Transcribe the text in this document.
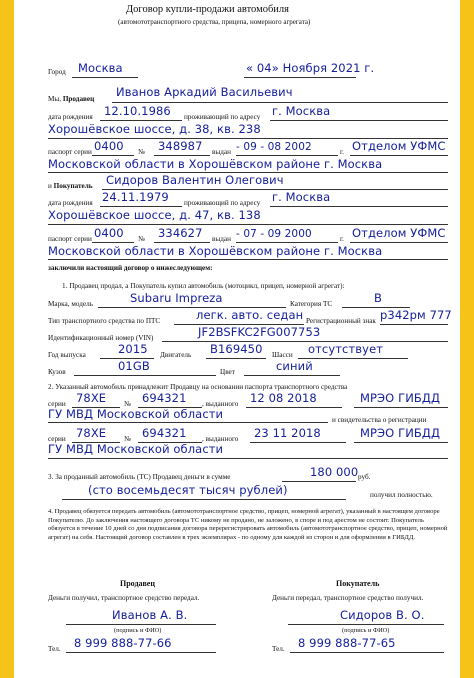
Договор купли-продажи автомобиля
(автомототранспортного средства, прицепа, номерного агрегата)
Город Москва	« 04» Ноября 2021 г.
Мы, Продавец Иванов Аркадий Васильевич
дата рождения 12.10.1986 проживающий по адресу г. Москва
Хорошёвское шоссе, д. 38, кв. 238
паспорт серии 0400 № 348987 выдан - 09 - 08 2002	г. Отделом УФМС
Московской области в Хорошёвском районе г. Москва
и Покупатель Сидоров Валентин Олегович
дата рождения 24.11.1979 проживающий по адресу г. Москва
Хорошёвское шоссе, д. 47, кв. 138
паспорт серии 0400 № 334627 выдан - 07 - 09 2000	г. Отделом УФМС
Московской области в Хорошёвском районе г. Москва
заключили настоящий договор о нижеследующем:
1. Продавец продал, а Покупатель купил автомобиль (мотоцикл, прицеп, номерной агрегат):
Марка, модель	Subaru Impreza	Категория ТС	В
Тип транспортного средства по ПТС	легк. авто. седан Регистрационный знак р342рм 777
Идентификационный номер (VIN)	JF2BSFKC2FG007753
Год выпуска	2015 Двигатель В169450 Шасси отсутствует
Кузов	01GB	Цвет	синий
2. Указанный автомобиль принадлежит Продавцу на основании паспорта транспортного средства
серии 78ХЕ № 694321 , выданного 12 08 2018	МРЭО ГИБДД
ГУ МВД Московской области	и свидетельства о регистрации
серии 78ХЕ № 694321 , выданного 23 11 2018	МРЭО ГИБДД
ГУ МВД Московской области
3. За проданный автомобиль (ТС) Продавец деньги в сумме	180 000 руб.
(сто восемьдесят тысяч рублей)	получил полностью.
4. Продавец обязуется передать автомобиль (автомототранспортное средство, прицеп, номерной агрегат), указанный в настоящем договоре Покупателю. До заключения настоящего договора ТС никому не продано, не заложено, в споре и под арестом не состоит. Покупатель обязуется в течение 10 дней со дня подписания договора перерегистрировать автомобиль (автомототранспортное средство, прицеп, номерной агрегат) на себя. Настоящий договор составлен в трех экземплярах - по одному для каждой из сторон и для оформления в ГИБДД.
Продавец	Покупатель
Деньги получил, транспортное средство передал.	Деньги передал, транспортное средство получил.
Иванов А. В.	Сидоров В. О.
(подпись и ФИО)	(подпись и ФИО)
Тел. 8 999 888-77-66	Тел. 8 999 888-77-65
